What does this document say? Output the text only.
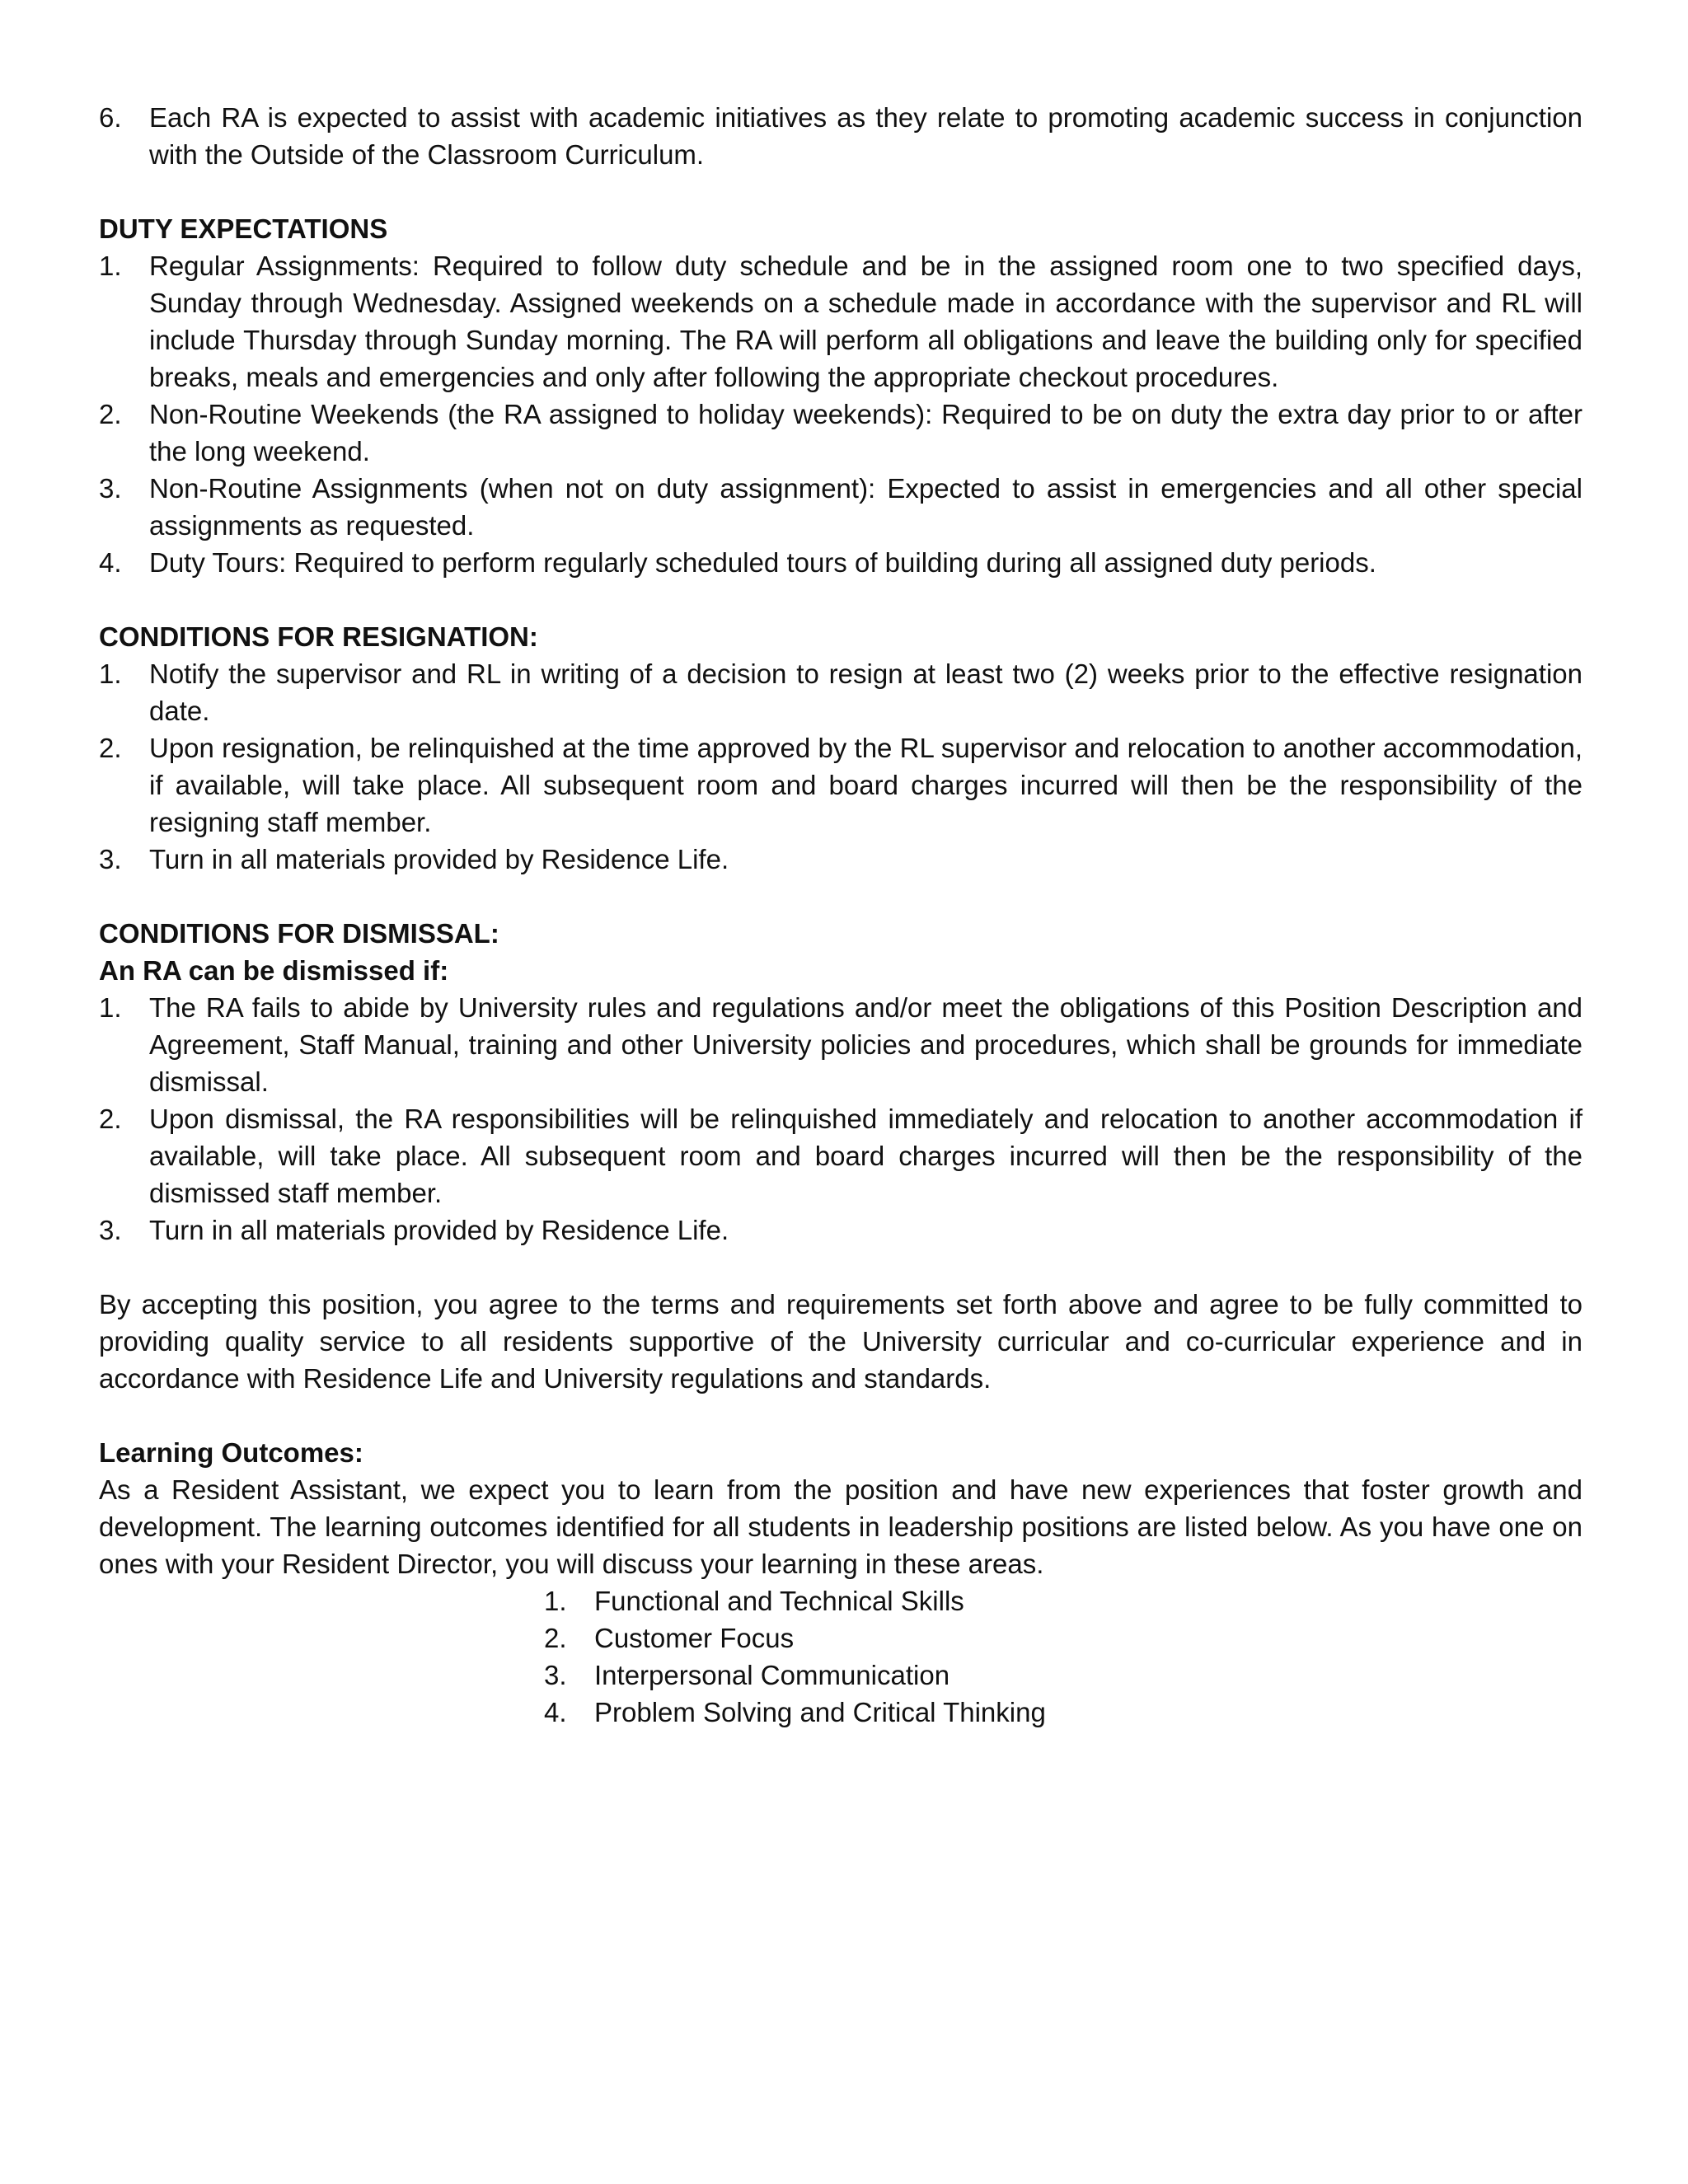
6. Each RA is expected to assist with academic initiatives as they relate to promoting academic success in conjunction with the Outside of the Classroom Curriculum.

DUTY EXPECTATIONS

1. Regular Assignments: Required to follow duty schedule and be in the assigned room one to two specified days, Sunday through Wednesday. Assigned weekends on a schedule made in accordance with the supervisor and RL will include Thursday through Sunday morning. The RA will perform all obligations and leave the building only for specified breaks, meals and emergencies and only after following the appropriate checkout procedures.
2. Non-Routine Weekends (the RA assigned to holiday weekends): Required to be on duty the extra day prior to or after the long weekend.
3. Non-Routine Assignments (when not on duty assignment): Expected to assist in emergencies and all other special assignments as requested.
4. Duty Tours: Required to perform regularly scheduled tours of building during all assigned duty periods.

CONDITIONS FOR RESIGNATION:

1. Notify the supervisor and RL in writing of a decision to resign at least two (2) weeks prior to the effective resignation date.
2. Upon resignation, be relinquished at the time approved by the RL supervisor and relocation to another accommodation, if available, will take place. All subsequent room and board charges incurred will then be the responsibility of the resigning staff member.
3. Turn in all materials provided by Residence Life.

CONDITIONS FOR DISMISSAL:

An RA can be dismissed if:

1. The RA fails to abide by University rules and regulations and/or meet the obligations of this Position Description and Agreement, Staff Manual, training and other University policies and procedures, which shall be grounds for immediate dismissal.
2. Upon dismissal, the RA responsibilities will be relinquished immediately and relocation to another accommodation if available, will take place. All subsequent room and board charges incurred will then be the responsibility of the dismissed staff member.
3. Turn in all materials provided by Residence Life.

By accepting this position, you agree to the terms and requirements set forth above and agree to be fully committed to providing quality service to all residents supportive of the University curricular and co-curricular experience and in accordance with Residence Life and University regulations and standards.

Learning Outcomes:

As a Resident Assistant, we expect you to learn from the position and have new experiences that foster growth and development. The learning outcomes identified for all students in leadership positions are listed below. As you have one on ones with your Resident Director, you will discuss your learning in these areas.

1. Functional and Technical Skills
2. Customer Focus
3. Interpersonal Communication
4. Problem Solving and Critical Thinking
